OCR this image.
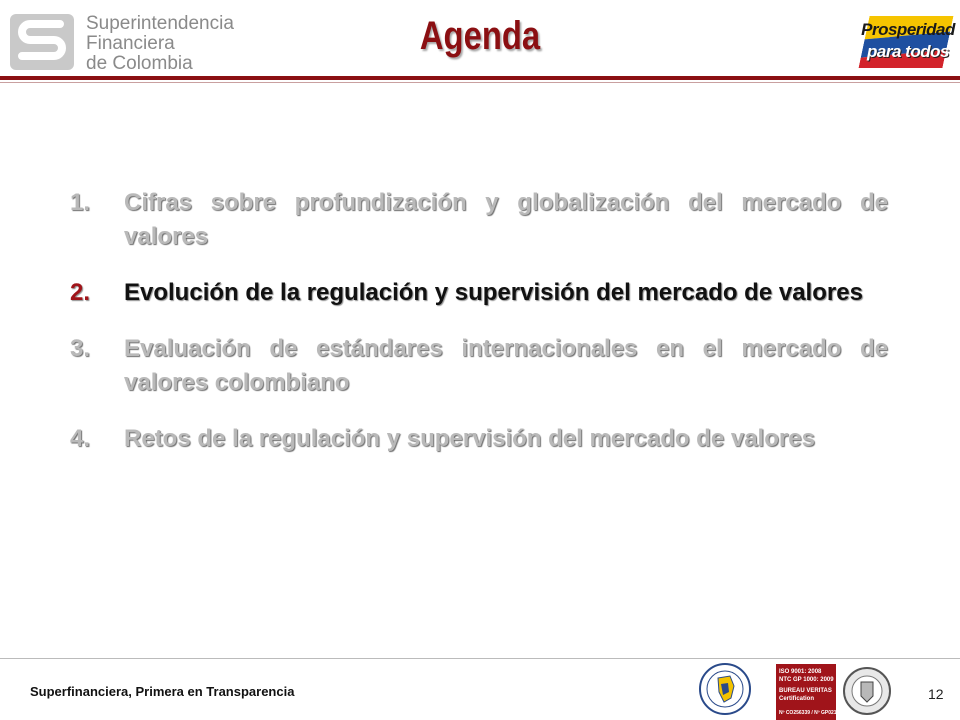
Superintendencia
Financiera
de Colombia
Agenda	Prosperidad
para todos
1.	Cifras sobre profundización y globalización del mercado de valores
2.	Evolución de la regulación y supervisión del mercado de valores
3.	Evaluación de estándares internacionales en el mercado de valores colombiano
4.	Retos de la regulación y supervisión del mercado de valores
Superfinanciera, Primera en Transparencia
ISO 9001: 2008
NTC GP 1000: 2009
BUREAU VERITAS
Certification
Nº CO256339 / Nº GP0211
12
